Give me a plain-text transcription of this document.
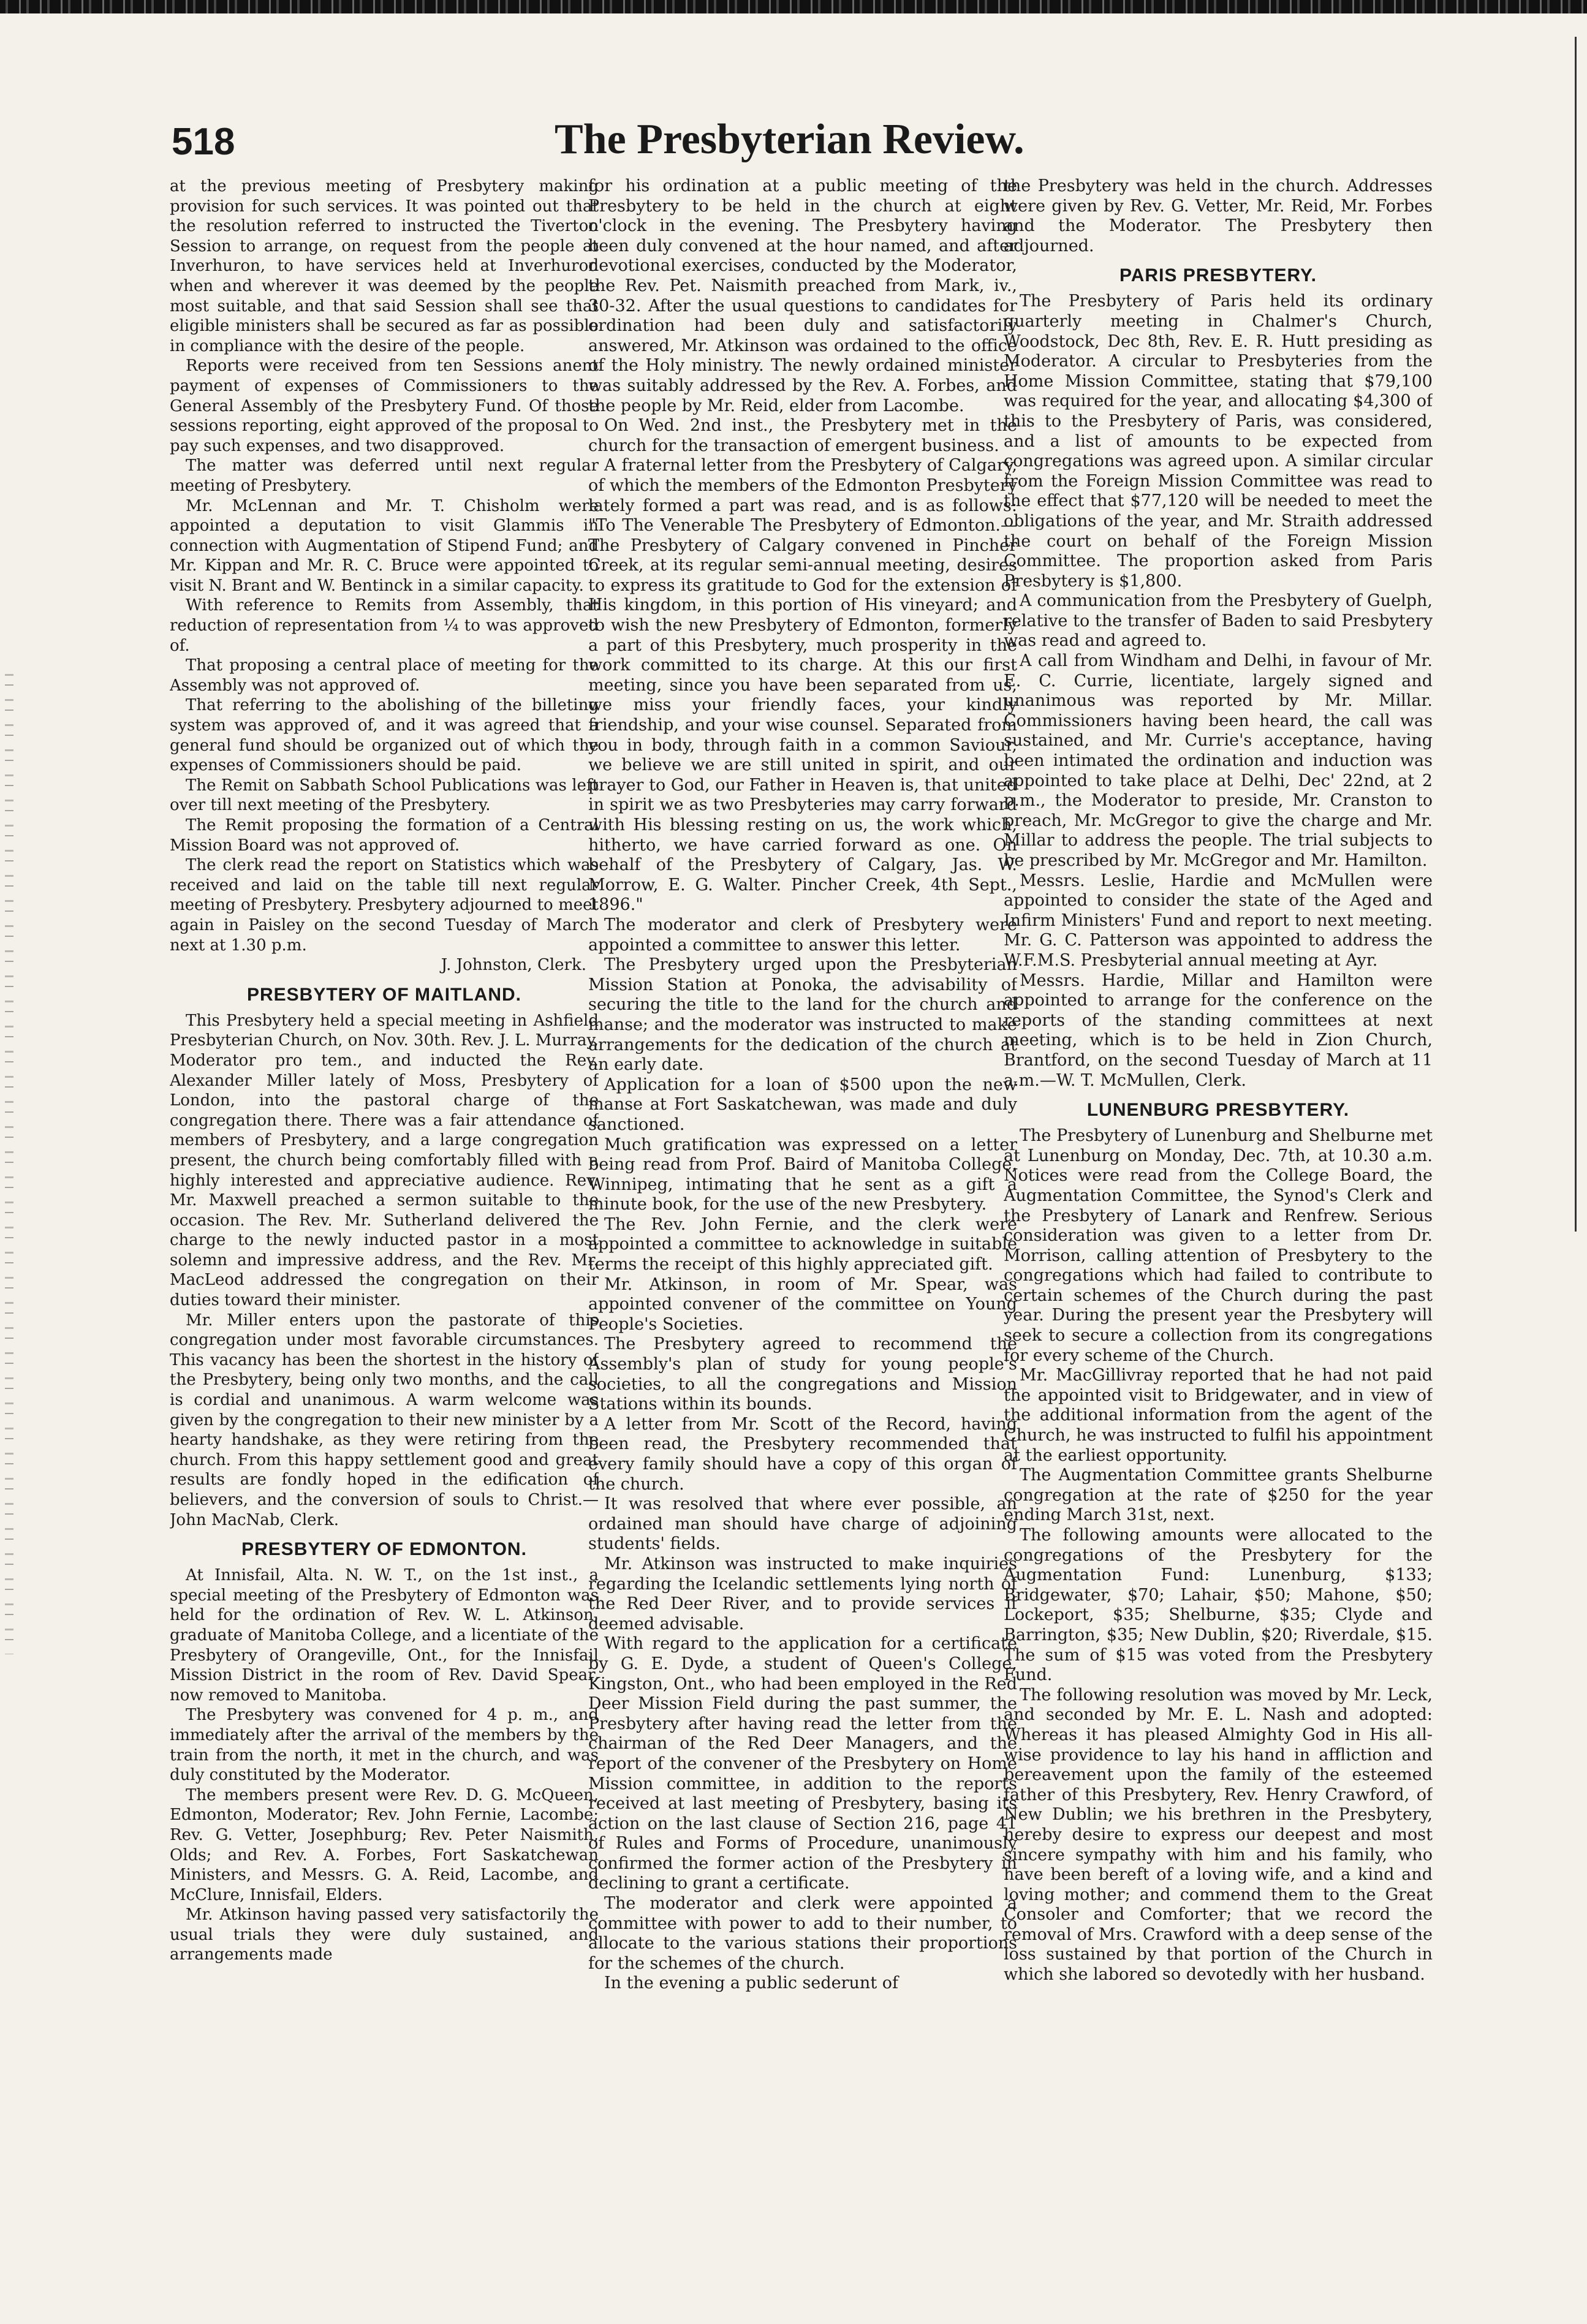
518	The Presbyterian Review.

at the previous meeting of Presbytery making provision for such services. It was pointed out that the resolution referred to instructed the Tiverton Session to arrange, on request from the people at Inverhuron, to have services held at Inverhuron when and wherever it was deemed by the people most suitable, and that said Session shall see that eligible ministers shall be secured as far as possible in compliance with the desire of the people.

Reports were received from ten Sessions anent payment of expenses of Commissioners to the General Assembly of the Presbytery Fund. Of those sessions reporting, eight approved of the proposal to pay such expenses, and two disapproved.

The matter was deferred until next regular meeting of Presbytery.

Mr. McLennan and Mr. T. Chisholm were appointed a deputation to visit Glammis in connection with Augmentation of Stipend Fund; and Mr. Kippan and Mr. R. C. Bruce were appointed to visit N. Brant and W. Bentinck in a similar capacity.

With reference to Remits from Assembly, that reduction of representation from ¼ to was approved of.

That proposing a central place of meeting for the Assembly was not approved of.

That referring to the abolishing of the billeting system was approved of, and it was agreed that a general fund should be organized out of which the expenses of Commissioners should be paid.

The Remit on Sabbath School Publications was left over till next meeting of the Presbytery.

The Remit proposing the formation of a Central Mission Board was not approved of.

The clerk read the report on Statistics which was received and laid on the table till next regular meeting of Presbytery. Presbytery adjourned to meet again in Paisley on the second Tuesday of March next at 1.30 p.m.

J. Johnston, Clerk.

PRESBYTERY OF MAITLAND.

This Presbytery held a special meeting in Ashfield Presbyterian Church, on Nov. 30th. Rev. J. L. Murray, Moderator pro tem., and inducted the Rev. Alexander Miller lately of Moss, Presbytery of London, into the pastoral charge of the congregation there. There was a fair attendance of members of Presbytery, and a large congregation present, the church being comfortably filled with a highly interested and appreciative audience. Rev. Mr. Maxwell preached a sermon suitable to the occasion. The Rev. Mr. Sutherland delivered the charge to the newly inducted pastor in a most solemn and impressive address, and the Rev. Mr. MacLeod addressed the congregation on their duties toward their minister.

Mr. Miller enters upon the pastorate of this congregation under most favorable circumstances. This vacancy has been the shortest in the history of the Presbytery, being only two months, and the call is cordial and unanimous. A warm welcome was given by the congregation to their new minister by a hearty handshake, as they were retiring from the church. From this happy settlement good and great results are fondly hoped in the edification of believers, and the conversion of souls to Christ.—John MacNab, Clerk.

PRESBYTERY OF EDMONTON.

At Innisfail, Alta. N. W. T., on the 1st inst., a special meeting of the Presbytery of Edmonton was held for the ordination of Rev. W. L. Atkinson, graduate of Manitoba College, and a licentiate of the Presbytery of Orangeville, Ont., for the Innisfail Mission District in the room of Rev. David Spear, now removed to Manitoba.

The Presbytery was convened for 4 p. m., and immediately after the arrival of the members by the train from the north, it met in the church, and was duly constituted by the Moderator.

The members present were Rev. D. G. McQueen, Edmonton, Moderator; Rev. John Fernie, Lacombe; Rev. G. Vetter, Josephburg; Rev. Peter Naismith, Olds; and Rev. A. Forbes, Fort Saskatchewan Ministers, and Messrs. G. A. Reid, Lacombe, and McClure, Innisfail, Elders.

Mr. Atkinson having passed very satisfactorily the usual trials they were duly sustained, and arrangements made

for his ordination at a public meeting of the Presbytery to be held in the church at eight o'clock in the evening. The Presbytery having been duly convened at the hour named, and after devotional exercises, conducted by the Moderator, the Rev. Pet. Naismith preached from Mark, iv., 30-32. After the usual questions to candidates for ordination had been duly and satisfactorily answered, Mr. Atkinson was ordained to the office of the Holy ministry. The newly ordained minister was suitably addressed by the Rev. A. Forbes, and the people by Mr. Reid, elder from Lacombe.

On Wed. 2nd inst., the Presbytery met in the church for the transaction of emergent business.

A fraternal letter from the Presbytery of Calgary, of which the members of the Edmonton Presbytery lately formed a part was read, and is as follows: "To The Venerable The Presbytery of Edmonton.—The Presbytery of Calgary convened in Pincher Creek, at its regular semi-annual meeting, desires to express its gratitude to God for the extension of His kingdom, in this portion of His vineyard; and to wish the new Presbytery of Edmonton, formerly a part of this Presbytery, much prosperity in the work committed to its charge. At this our first meeting, since you have been separated from us, we miss your friendly faces, your kindly friendship, and your wise counsel. Separated from you in body, through faith in a common Saviour, we believe we are still united in spirit, and our prayer to God, our Father in Heaven is, that united in spirit we as two Presbyteries may carry forward with His blessing resting on us, the work which, hitherto, we have carried forward as one. On behalf of the Presbytery of Calgary, Jas. W. Morrow, E. G. Walter. Pincher Creek, 4th Sept., 1896."

The moderator and clerk of Presbytery were appointed a committee to answer this letter.

The Presbytery urged upon the Presbyterian Mission Station at Ponoka, the advisability of securing the title to the land for the church and manse; and the moderator was instructed to make arrangements for the dedication of the church at an early date.

Application for a loan of $500 upon the new manse at Fort Saskatchewan, was made and duly sanctioned.

Much gratification was expressed on a letter being read from Prof. Baird of Manitoba College, Winnipeg, intimating that he sent as a gift a minute book, for the use of the new Presbytery.

The Rev. John Fernie, and the clerk were appointed a committee to acknowledge in suitable terms the receipt of this highly appreciated gift.

Mr. Atkinson, in room of Mr. Spear, was appointed convener of the committee on Young People's Societies.

The Presbytery agreed to recommend the Assembly's plan of study for young people's societies, to all the congregations and Mission Stations within its bounds.

A letter from Mr. Scott of the Record, having been read, the Presbytery recommended that every family should have a copy of this organ of the church.

It was resolved that where ever possible, an ordained man should have charge of adjoining students' fields.

Mr. Atkinson was instructed to make inquiries regarding the Icelandic settlements lying north of the Red Deer River, and to provide services if deemed advisable.

With regard to the application for a certificate by G. E. Dyde, a student of Queen's College, Kingston, Ont., who had been employed in the Red Deer Mission Field during the past summer, the Presbytery after having read the letter from the chairman of the Red Deer Managers, and the report of the convener of the Presbytery on Home Mission committee, in addition to the reports received at last meeting of Presbytery, basing its action on the last clause of Section 216, page 41 of Rules and Forms of Procedure, unanimously confirmed the former action of the Presbytery in declining to grant a certificate.

The moderator and clerk were appointed a committee with power to add to their number, to allocate to the various stations their proportions for the schemes of the church.

In the evening a public sederunt of

the Presbytery was held in the church. Addresses were given by Rev. G. Vetter, Mr. Reid, Mr. Forbes and the Moderator. The Presbytery then adjourned.

PARIS PRESBYTERY.

The Presbytery of Paris held its ordinary quarterly meeting in Chalmer's Church, Woodstock, Dec 8th, Rev. E. R. Hutt presiding as Moderator. A circular to Presbyteries from the Home Mission Committee, stating that $79,100 was required for the year, and allocating $4,300 of this to the Presbytery of Paris, was considered, and a list of amounts to be expected from congregations was agreed upon. A similar circular from the Foreign Mission Committee was read to the effect that $77,120 will be needed to meet the obligations of the year, and Mr. Straith addressed the court on behalf of the Foreign Mission Committee. The proportion asked from Paris Presbytery is $1,800.

A communication from the Presbytery of Guelph, relative to the transfer of Baden to said Presbytery was read and agreed to.

A call from Windham and Delhi, in favour of Mr. E. C. Currie, licentiate, largely signed and unanimous was reported by Mr. Millar. Commissioners having been heard, the call was sustained, and Mr. Currie's acceptance, having been intimated the ordination and induction was appointed to take place at Delhi, Dec' 22nd, at 2 p.m., the Moderator to preside, Mr. Cranston to preach, Mr. McGregor to give the charge and Mr. Millar to address the people. The trial subjects to be prescribed by Mr. McGregor and Mr. Hamilton.

Messrs. Leslie, Hardie and McMullen were appointed to consider the state of the Aged and Infirm Ministers' Fund and report to next meeting. Mr. G. C. Patterson was appointed to address the W.F.M.S. Presbyterial annual meeting at Ayr.

Messrs. Hardie, Millar and Hamilton were appointed to arrange for the conference on the reports of the standing committees at next meeting, which is to be held in Zion Church, Brantford, on the second Tuesday of March at 11 a.m.—W. T. McMullen, Clerk.

LUNENBURG PRESBYTERY.

The Presbytery of Lunenburg and Shelburne met at Lunenburg on Monday, Dec. 7th, at 10.30 a.m. Notices were read from the College Board, the Augmentation Committee, the Synod's Clerk and the Presbytery of Lanark and Renfrew. Serious consideration was given to a letter from Dr. Morrison, calling attention of Presbytery to the congregations which had failed to contribute to certain schemes of the Church during the past year. During the present year the Presbytery will seek to secure a collection from its congregations for every scheme of the Church.

Mr. MacGillivray reported that he had not paid the appointed visit to Bridgewater, and in view of the additional information from the agent of the Church, he was instructed to fulfil his appointment at the earliest opportunity.

The Augmentation Committee grants Shelburne congregation at the rate of $250 for the year ending March 31st, next.

The following amounts were allocated to the congregations of the Presbytery for the Augmentation Fund: Lunenburg, $133; Bridgewater, $70; Lahair, $50; Mahone, $50; Lockeport, $35; Shelburne, $35; Clyde and Barrington, $35; New Dublin, $20; Riverdale, $15. The sum of $15 was voted from the Presbytery Fund.

The following resolution was moved by Mr. Leck, and seconded by Mr. E. L. Nash and adopted: Whereas it has pleased Almighty God in His all-wise providence to lay his hand in affliction and bereavement upon the family of the esteemed father of this Presbytery, Rev. Henry Crawford, of New Dublin; we his brethren in the Presbytery, hereby desire to express our deepest and most sincere sympathy with him and his family, who have been bereft of a loving wife, and a kind and loving mother; and commend them to the Great Consoler and Comforter; that we record the removal of Mrs. Crawford with a deep sense of the loss sustained by that portion of the Church in which she labored so devotedly with her husband.
